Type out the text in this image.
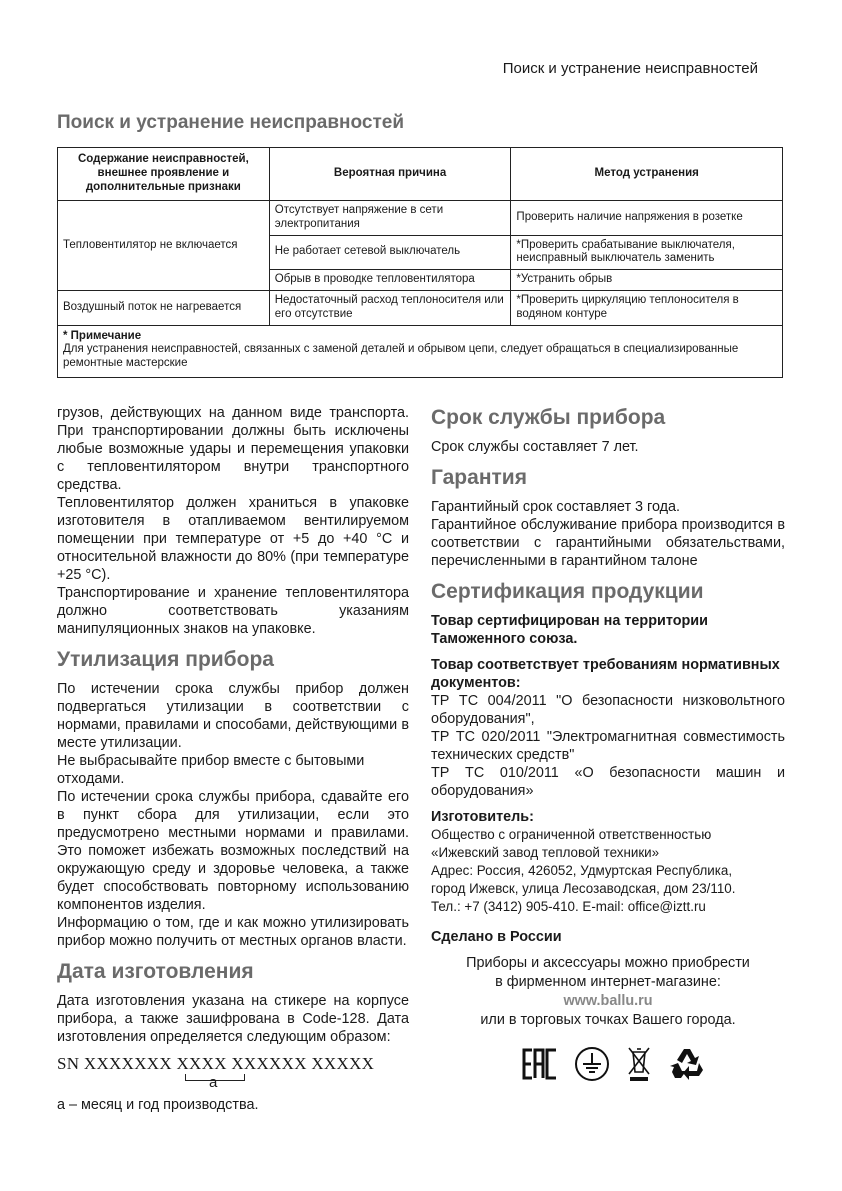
Поиск и устранение неисправностей
Поиск и устранение неисправностей
Содержание неисправностей, внешнее проявление и дополнительные признаки	Вероятная причина	Метод устранения
Тепловентилятор не включается	Отсутствует напряжение в сети электропитания	Проверить наличие напряжения в розетке
	Не работает сетевой выключатель	*Проверить срабатывание выключателя, неисправный выключатель заменить
	Обрыв в проводке тепловентилятора	*Устранить обрыв
Воздушный поток не нагревается	Недостаточный расход теплоносителя или его отсутствие	*Проверить циркуляцию теплоносителя в водяном контуре

* Примечание
Для устранения неисправностей, связанных с заменой деталей и обрывом цепи, следует обращаться в специализированные ремонтные мастерские		

грузов, действующих на данном виде транспорта. При транспортировании должны быть исключены любые возможные удары и перемещения упаковки с тепловентилятором внутри транспортного средства.

Тепловентилятор должен храниться в упаковке изготовителя в отапливаемом вентилируемом помещении при температуре от +5 до +40 °С и относительной влажности до 80% (при температуре +25 °С).

Транспортирование и хранение тепловентилятора должно соответствовать указаниям манипуляционных знаков на упаковке.

Утилизация прибора

По истечении срока службы прибор должен подвергаться утилизации в соответствии с нормами, правилами и способами, действующими в месте утилизации.

Не выбрасывайте прибор вместе с бытовыми отходами.

По истечении срока службы прибора, сдавайте его в пункт сбора для утилизации, если это предусмотрено местными нормами и правилами. Это поможет избежать возможных последствий на окружающую среду и здоровье человека, а также будет способствовать повторному использованию компонентов изделия.

Информацию о том, где и как можно утилизировать прибор можно получить от местных органов власти.

Дата изготовления

Дата изготовления указана на стикере на корпусе прибора, а также зашифрована в Code-128. Дата изготовления определяется следующим образом:

SN XXXXXXX XXXX XXXXXX XXXXX
a
а – месяц и год производства.
Срок службы прибора

Срок службы составляет 7 лет.

Гарантия

Гарантийный срок составляет 3 года.

Гарантийное обслуживание прибора производится в соответствии с гарантийными обязательствами, перечисленными в гарантийном талоне

Сертификация продукции

Товар сертифицирован на территории Таможенного союза.

Товар соответствует требованиям нормативных документов:

ТР ТС 004/2011 "О безопасности низковольтного оборудования",

ТР ТС 020/2011 "Электромагнитная совместимость технических средств"

ТР ТС 010/2011 «О безопасности машин и оборудования»

Изготовитель:

Общество с ограниченной ответственностью

«Ижевский завод тепловой техники»

Адрес: Россия, 426052, Удмуртская Республика,

город Ижевск, улица Лесозаводская, дом 23/110.

Тел.: +7 (3412) 905-410. E-mail: office@iztt.ru

Сделано в России

Приборы и аксессуары можно приобрести
в фирменном интернет-магазине:
www.ballu.ru
или в торговых точках Вашего города.
